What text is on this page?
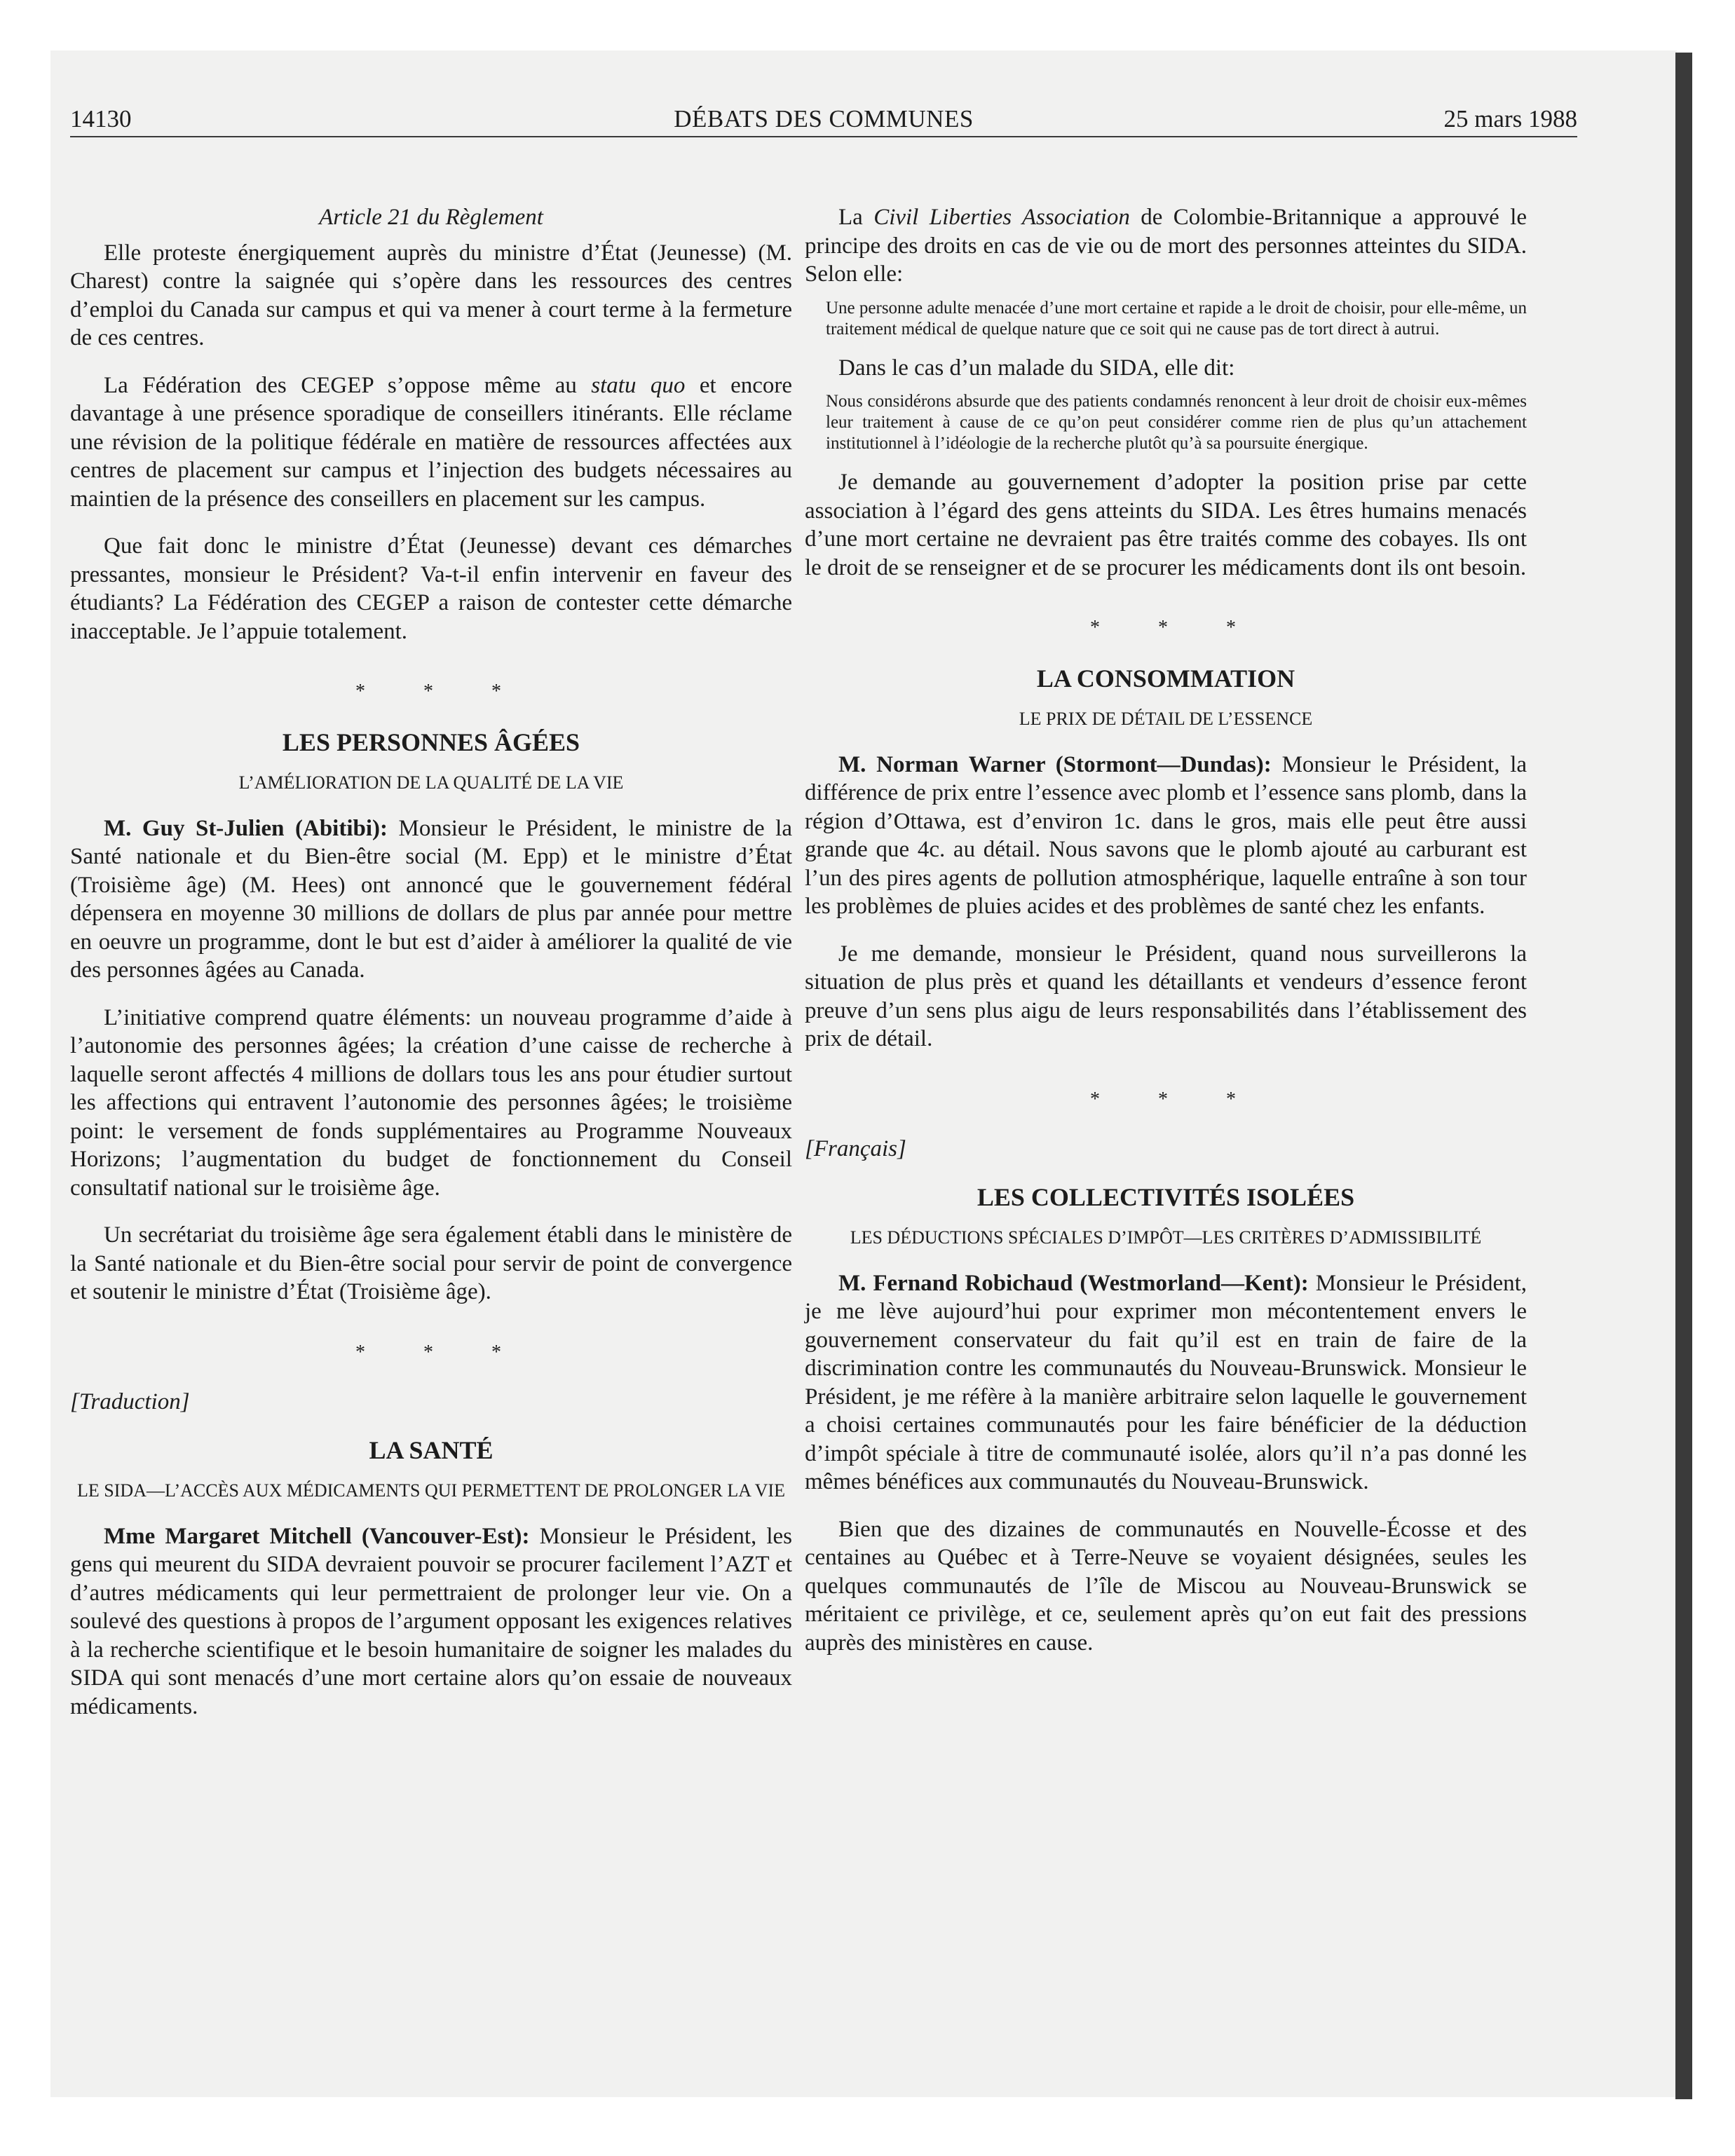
14130	DÉBATS DES COMMUNES	25 mars 1988

Article 21 du Règlement

Elle proteste énergiquement auprès du ministre d’État (Jeunesse) (M. Charest) contre la saignée qui s’opère dans les ressources des centres d’emploi du Canada sur campus et qui va mener à court terme à la fermeture de ces centres.

La Fédération des CEGEP s’oppose même au statu quo et encore davantage à une présence sporadique de conseillers itinérants. Elle réclame une révision de la politique fédérale en matière de ressources affectées aux centres de placement sur campus et l’injection des budgets nécessaires au maintien de la présence des conseillers en placement sur les campus.

Que fait donc le ministre d’État (Jeunesse) devant ces démarches pressantes, monsieur le Président? Va-t-il enfin intervenir en faveur des étudiants? La Fédération des CEGEP a raison de contester cette démarche inacceptable. Je l’appuie totalement.

* * *
LES PERSONNES ÂGÉES
L’AMÉLIORATION DE LA QUALITÉ DE LA VIE

M. Guy St-Julien (Abitibi): Monsieur le Président, le ministre de la Santé nationale et du Bien-être social (M. Epp) et le ministre d’État (Troisième âge) (M. Hees) ont annoncé que le gouvernement fédéral dépensera en moyenne 30 millions de dollars de plus par année pour mettre en oeuvre un programme, dont le but est d’aider à améliorer la qualité de vie des personnes âgées au Canada.

L’initiative comprend quatre éléments: un nouveau programme d’aide à l’autonomie des personnes âgées; la création d’une caisse de recherche à laquelle seront affectés 4 millions de dollars tous les ans pour étudier surtout les affections qui entravent l’autonomie des personnes âgées; le troisième point: le versement de fonds supplémentaires au Programme Nouveaux Horizons; l’augmentation du budget de fonctionnement du Conseil consultatif national sur le troisième âge.

Un secrétariat du troisième âge sera également établi dans le ministère de la Santé nationale et du Bien-être social pour servir de point de convergence et soutenir le ministre d’État (Troisième âge).

* * *

[Traduction]

LA SANTÉ
LE SIDA—L’ACCÈS AUX MÉDICAMENTS QUI PERMETTENT DE PROLONGER LA VIE

Mme Margaret Mitchell (Vancouver-Est): Monsieur le Président, les gens qui meurent du SIDA devraient pouvoir se procurer facilement l’AZT et d’autres médicaments qui leur permettraient de prolonger leur vie. On a soulevé des questions à propos de l’argument opposant les exigences relatives à la recherche scientifique et le besoin humanitaire de soigner les malades du SIDA qui sont menacés d’une mort certaine alors qu’on essaie de nouveaux médicaments.

La Civil Liberties Association de Colombie-Britannique a approuvé le principe des droits en cas de vie ou de mort des personnes atteintes du SIDA. Selon elle:

Une personne adulte menacée d’une mort certaine et rapide a le droit de choisir, pour elle-même, un traitement médical de quelque nature que ce soit qui ne cause pas de tort direct à autrui.

Dans le cas d’un malade du SIDA, elle dit:

Nous considérons absurde que des patients condamnés renoncent à leur droit de choisir eux-mêmes leur traitement à cause de ce qu’on peut considérer comme rien de plus qu’un attachement institutionnel à l’idéologie de la recherche plutôt qu’à sa poursuite énergique.

Je demande au gouvernement d’adopter la position prise par cette association à l’égard des gens atteints du SIDA. Les êtres humains menacés d’une mort certaine ne devraient pas être traités comme des cobayes. Ils ont le droit de se renseigner et de se procurer les médicaments dont ils ont besoin.

* * *
LA CONSOMMATION
LE PRIX DE DÉTAIL DE L’ESSENCE

M. Norman Warner (Stormont—Dundas): Monsieur le Président, la différence de prix entre l’essence avec plomb et l’essence sans plomb, dans la région d’Ottawa, est d’environ 1c. dans le gros, mais elle peut être aussi grande que 4c. au détail. Nous savons que le plomb ajouté au carburant est l’un des pires agents de pollution atmosphérique, laquelle entraîne à son tour les problèmes de pluies acides et des problèmes de santé chez les enfants.

Je me demande, monsieur le Président, quand nous surveillerons la situation de plus près et quand les détaillants et vendeurs d’essence feront preuve d’un sens plus aigu de leurs responsabilités dans l’établissement des prix de détail.

* * *

[Français]

LES COLLECTIVITÉS ISOLÉES
LES DÉDUCTIONS SPÉCIALES D’IMPÔT—LES CRITÈRES D’ADMISSIBILITÉ

M. Fernand Robichaud (Westmorland—Kent): Monsieur le Président, je me lève aujourd’hui pour exprimer mon mécontentement envers le gouvernement conservateur du fait qu’il est en train de faire de la discrimination contre les communautés du Nouveau-Brunswick. Monsieur le Président, je me réfère à la manière arbitraire selon laquelle le gouvernement a choisi certaines communautés pour les faire bénéficier de la déduction d’impôt spéciale à titre de communauté isolée, alors qu’il n’a pas donné les mêmes bénéfices aux communautés du Nouveau-Brunswick.

Bien que des dizaines de communautés en Nouvelle-Écosse et des centaines au Québec et à Terre-Neuve se voyaient désignées, seules les quelques communautés de l’île de Miscou au Nouveau-Brunswick se méritaient ce privilège, et ce, seulement après qu’on eut fait des pressions auprès des ministères en cause.
